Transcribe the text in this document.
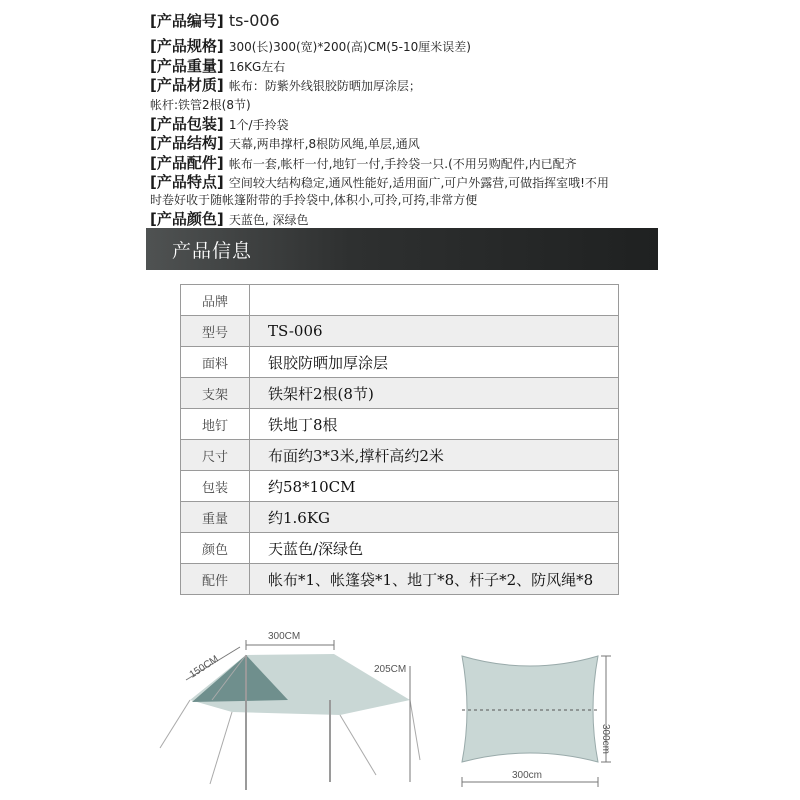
[产品编号] ts-006
[产品规格] 300(长)300(宽)*200(高)CM(5-10厘米误差)
[产品重量] 16KG左右
[产品材质] 帐布：防紫外线银胶防晒加厚涂层；
帐杆:铁管2根(8节)
[产品包装] 1个/手拎袋
[产品结构] 天幕,两串撑杆,8根防风绳,单层,通风
[产品配件] 帐布一套,帐杆一付,地钉一付,手拎袋一只.(不用另购配件,内已配齐
[产品特点] 空间较大结构稳定,通风性能好,适用面广,可户外露营,可做指挥室哦!不用
时卷好收于随帐篷附带的手拎袋中,体积小,可拎,可挎,非常方便
[产品颜色] 天蓝色, 深绿色
产品信息
品牌	
型号	TS-006
面料	银胶防晒加厚涂层
支架	铁架杆2根(8节)
地钉	铁地丁8根
尺寸	布面约3*3米,撑杆高约2米
包装	约58*10CM
重量	约1.6KG
颜色	天蓝色/深绿色
配件	帐布*1、帐篷袋*1、地丁*8、杆子*2、防风绳*8
300CM
150CM	205CM
300cm
300cm
